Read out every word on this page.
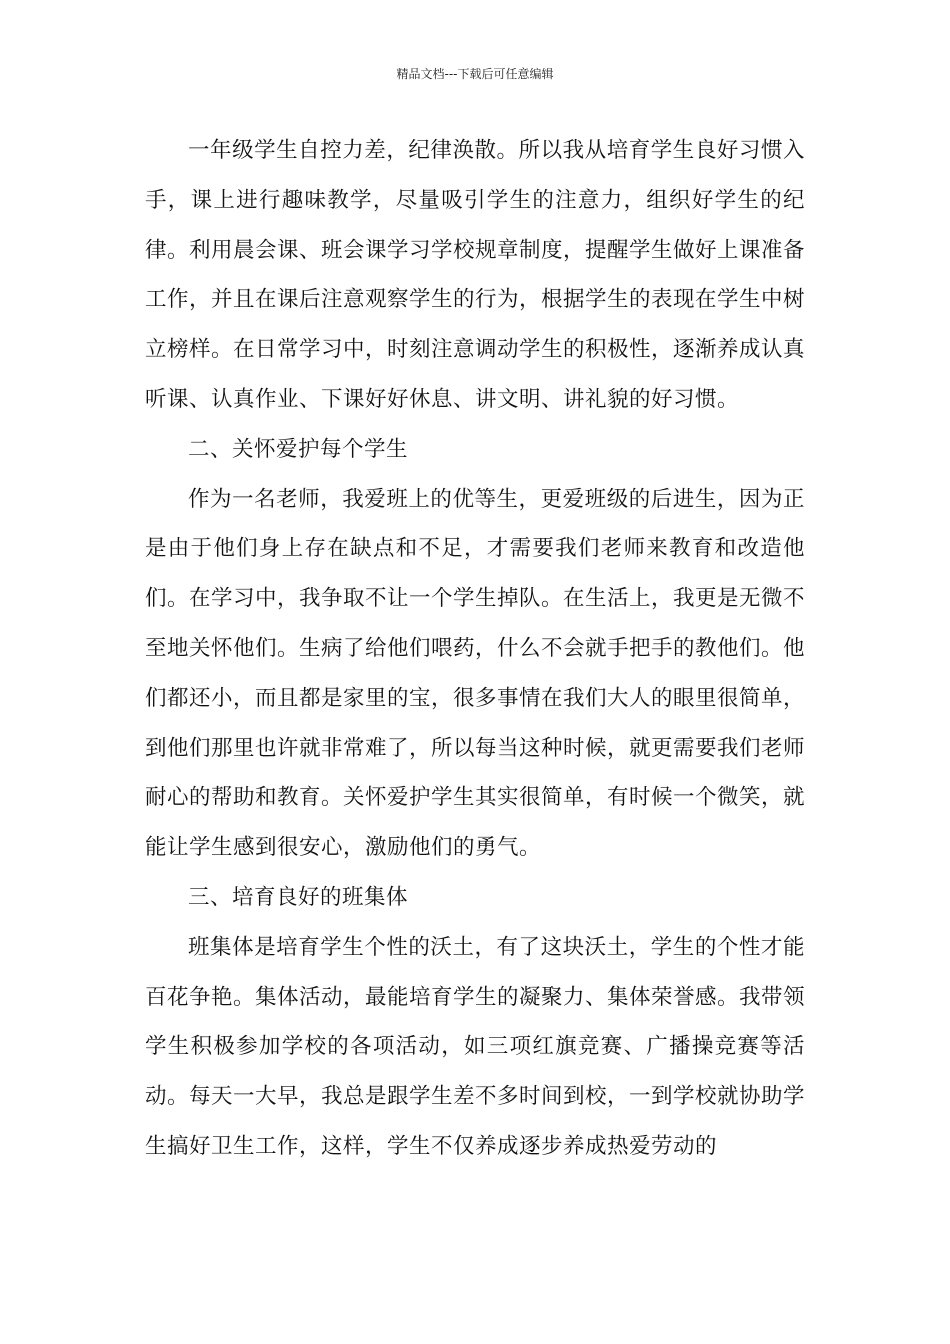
精品文档---下载后可任意编辑

一年级学生自控力差，纪律涣散。所以我从培育学生良好习惯入手，课上进行趣味教学，尽量吸引学生的注意力，组织好学生的纪律。利用晨会课、班会课学习学校规章制度，提醒学生做好上课准备工作，并且在课后注意观察学生的行为，根据学生的表现在学生中树立榜样。在日常学习中，时刻注意调动学生的积极性，逐渐养成认真听课、认真作业、下课好好休息、讲文明、讲礼貌的好习惯。

二、关怀爱护每个学生

作为一名老师，我爱班上的优等生，更爱班级的后进生，因为正是由于他们身上存在缺点和不足，才需要我们老师来教育和改造他们。在学习中，我争取不让一个学生掉队。在生活上，我更是无微不至地关怀他们。生病了给他们喂药，什么不会就手把手的教他们。他们都还小，而且都是家里的宝，很多事情在我们大人的眼里很简单，到他们那里也许就非常难了，所以每当这种时候，就更需要我们老师耐心的帮助和教育。关怀爱护学生其实很简单，有时候一个微笑，就能让学生感到很安心，激励他们的勇气。

三、培育良好的班集体

班集体是培育学生个性的沃土，有了这块沃土，学生的个性才能百花争艳。集体活动，最能培育学生的凝聚力、集体荣誉感。我带领学生积极参加学校的各项活动，如三项红旗竞赛、广播操竞赛等活动。每天一大早，我总是跟学生差不多时间到校，一到学校就协助学生搞好卫生工作，这样，学生不仅养成逐步养成热爱劳动的
